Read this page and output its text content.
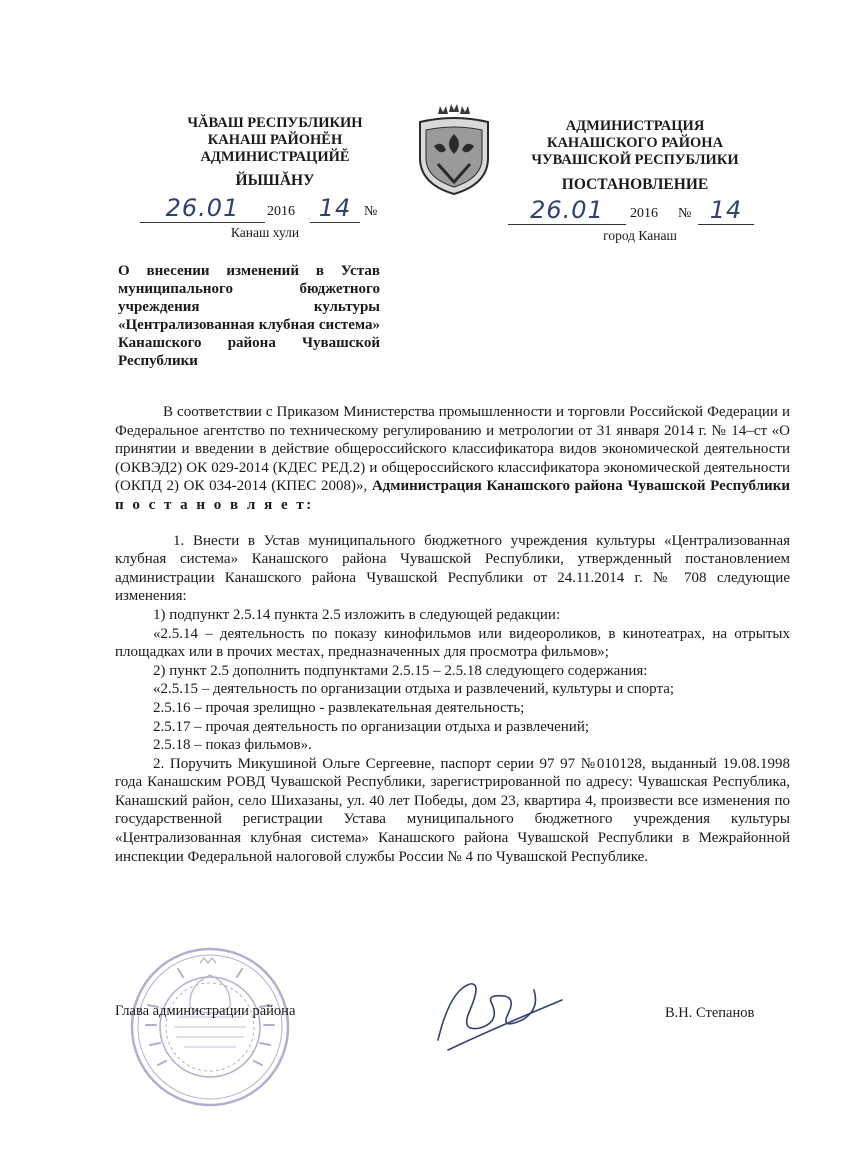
ЧĂВАШ РЕСПУБЛИКИН
КАНАШ РАЙОНĔН
АДМИНИСТРАЦИЙĔ
ЙЫШĂНУ
26.01	2016 14 №
Канаш хули
АДМИНИСТРАЦИЯ
КАНАШСКОГО РАЙОНА
ЧУВАШСКОЙ РЕСПУБЛИКИ
ПОСТАНОВЛЕНИЕ
26.01	2016 № 14
город Канаш
О внесении изменений в Устав муниципального бюджетного учреждения культуры «Централизованная клубная система» Канашского района Чувашской Республики

В соответствии с Приказом Министерства промышленности и торговли Российской Федерации и Федеральное агентство по техническому регулированию и метрологии от 31 января 2014 г. № 14–ст «О принятии и введении в действие общероссийского классификатора видов экономической деятельности (ОКВЭД2) ОК 029-2014 (КДЕС РЕД.2) и общероссийского классификатора экономической деятельности (ОКПД 2) ОК 034-2014 (КПЕС 2008)», Администрация Канашского района Чувашской Республики п о с т а н о в л я е т:

1. Внести в Устав муниципального бюджетного учреждения культуры «Централизованная клубная система» Канашского района Чувашской Республики, утвержденный постановлением администрации Канашского района Чувашской Республики от 24.11.2014 г. № 708 следующие изменения:

1) подпункт 2.5.14 пункта 2.5 изложить в следующей редакции:

«2.5.14 – деятельность по показу кинофильмов или видеороликов, в кинотеатрах, на отрытых площадках или в прочих местах, предназначенных для просмотра фильмов»;

2) пункт 2.5 дополнить подпунктами 2.5.15 – 2.5.18 следующего содержания:

«2.5.15 – деятельность по организации отдыха и развлечений, культуры и спорта;

2.5.16 – прочая зрелищно - развлекательная деятельность;

2.5.17 – прочая деятельность по организации отдыха и развлечений;

2.5.18 – показ фильмов».

2. Поручить Микушиной Ольге Сергеевне, паспорт серии 97 97 №010128, выданный 19.08.1998 года Канашским РОВД Чувашской Республики, зарегистрированной по адресу: Чувашская Республика, Канашский район, село Шихазаны, ул. 40 лет Победы, дом 23, квартира 4, произвести все изменения по государственной регистрации Устава муниципального бюджетного учреждения культуры «Централизованная клубная система» Канашского района Чувашской Республики в Межрайонной инспекции Федеральной налоговой службы России № 4 по Чувашской Республике.

Глава администрации района	В.Н. Степанов
